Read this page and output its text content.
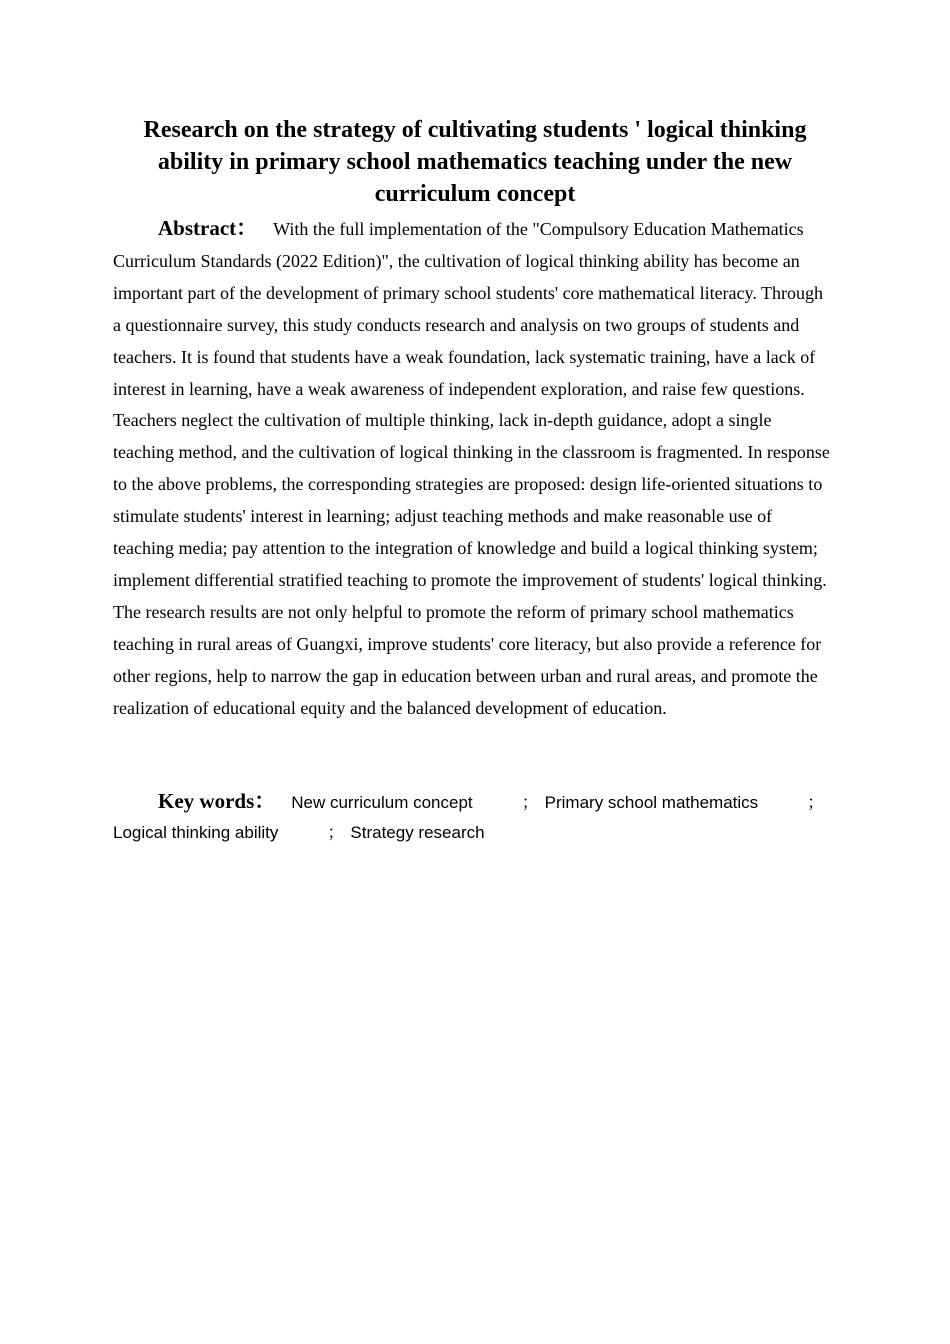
Research on the strategy of cultivating students ' logical thinking ability in primary school mathematics teaching under the new curriculum concept

Abstract： With the full implementation of the "Compulsory Education Mathematics Curriculum Standards (2022 Edition)", the cultivation of logical thinking ability has become an important part of the development of primary school students' core mathematical literacy. Through a questionnaire survey, this study conducts research and analysis on two groups of students and teachers. It is found that students have a weak foundation, lack systematic training, have a lack of interest in learning, have a weak awareness of independent exploration, and raise few questions. Teachers neglect the cultivation of multiple thinking, lack in-depth guidance, adopt a single teaching method, and the cultivation of logical thinking in the classroom is fragmented. In response to the above problems, the corresponding strategies are proposed: design life-oriented situations to stimulate students' interest in learning; adjust teaching methods and make reasonable use of teaching media; pay attention to the integration of knowledge and build a logical thinking system; implement differential stratified teaching to promote the improvement of students' logical thinking. The research results are not only helpful to promote the reform of primary school mathematics teaching in rural areas of Guangxi, improve students' core literacy, but also provide a reference for other regions, help to narrow the gap in education between urban and rural areas, and promote the realization of educational equity and the balanced development of education.

Key words： New curriculum concept	； Primary school mathematics	；Logical thinking ability	； Strategy research
